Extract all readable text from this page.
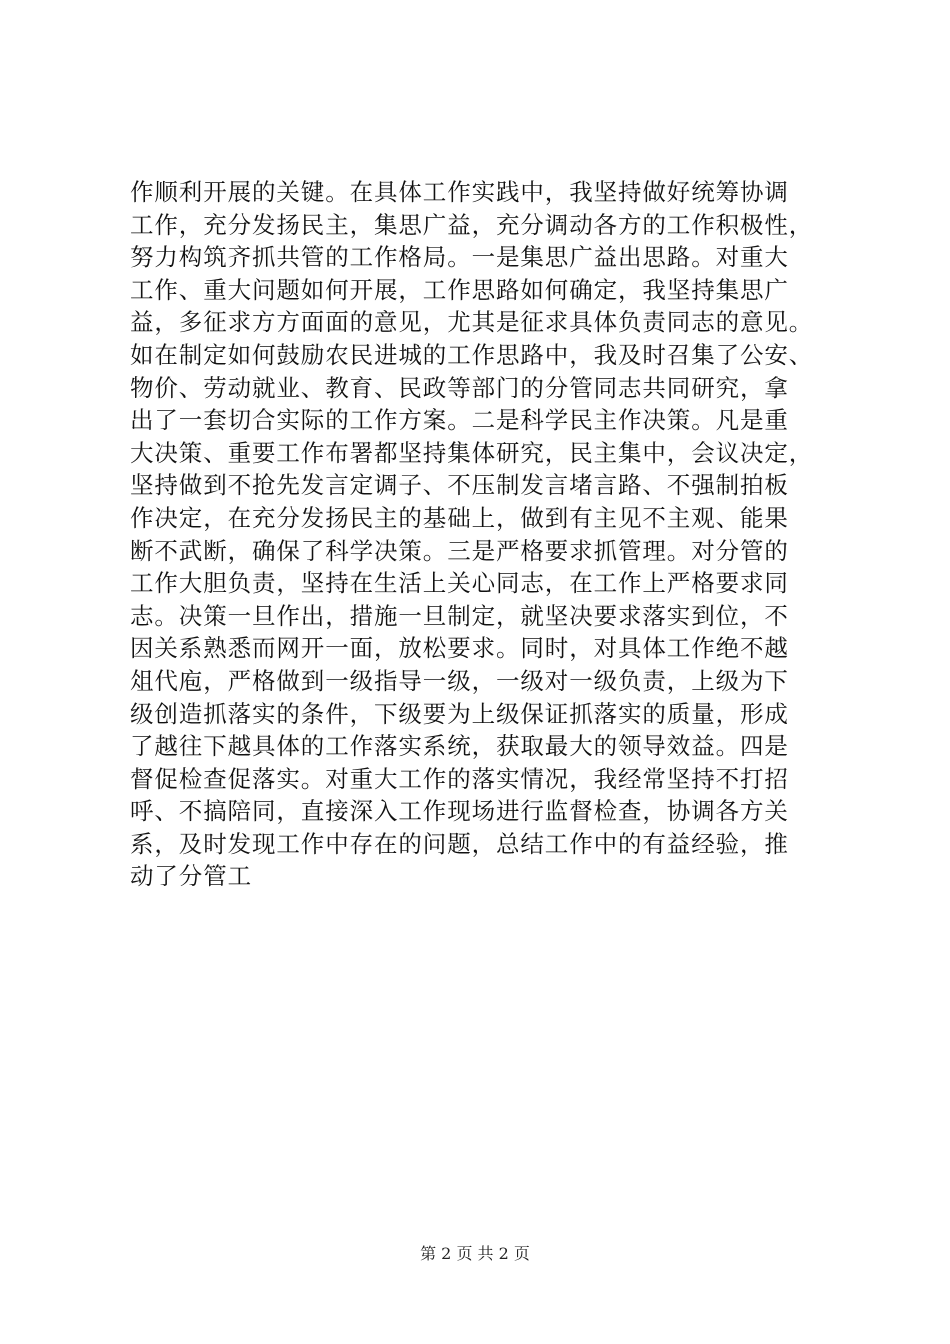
作顺利开展的关键。在具体工作实践中，我坚持做好统筹协调
工作，充分发扬民主，集思广益，充分调动各方的工作积极性，
努力构筑齐抓共管的工作格局。一是集思广益出思路。对重大
工作、重大问题如何开展，工作思路如何确定，我坚持集思广
益，多征求方方面面的意见，尤其是征求具体负责同志的意见。
如在制定如何鼓励农民进城的工作思路中，我及时召集了公安、
物价、劳动就业、教育、民政等部门的分管同志共同研究，拿
出了一套切合实际的工作方案。二是科学民主作决策。凡是重
大决策、重要工作布署都坚持集体研究，民主集中，会议决定，
坚持做到不抢先发言定调子、不压制发言堵言路、不强制拍板
作决定，在充分发扬民主的基础上，做到有主见不主观、能果
断不武断，确保了科学决策。三是严格要求抓管理。对分管的
工作大胆负责，坚持在生活上关心同志，在工作上严格要求同
志。决策一旦作出，措施一旦制定，就坚决要求落实到位，不
因关系熟悉而网开一面，放松要求。同时，对具体工作绝不越
俎代庖，严格做到一级指导一级，一级对一级负责，上级为下
级创造抓落实的条件，下级要为上级保证抓落实的质量，形成
了越往下越具体的工作落实系统，获取最大的领导效益。四是
督促检查促落实。对重大工作的落实情况，我经常坚持不打招
呼、不搞陪同，直接深入工作现场进行监督检查，协调各方关
系，及时发现工作中存在的问题，总结工作中的有益经验，推
动了分管工
第 2 页 共 2 页
